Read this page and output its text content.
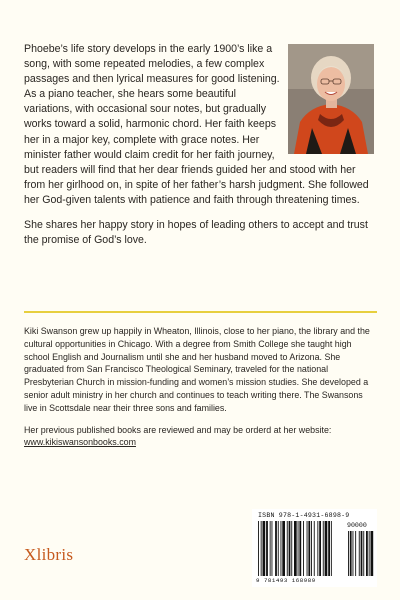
Phoebe’s life story develops in the early 1900’s like a song, with some repeated melodies, a few complex passages and then lyrical measures for good listening. As a piano teacher, she hears some beautiful variations, with occasional sour notes, but gradually works toward a solid, harmonic chord. Her faith keeps her in a major key, complete with grace notes. Her minister father would claim credit for her faith journey, but readers will find that her dear friends guided her and stood with her from her girlhood on, in spite of her father’s harsh judgment. She followed her God-given talents with patience and faith through threatening times.

She shares her happy story in hopes of leading others to accept and trust the promise of God’s love.

Kiki Swanson grew up happily in Wheaton, Illinois, close to her piano, the library and the cultural opportunities in Chicago. With a degree from Smith College she taught high school English and Journalism until she and her husband moved to Arizona. She graduated from San Francisco Theological Seminary, traveled for the national Presbyterian Church in mission-funding and women’s mission studies. She developed a senior adult ministry in her church and continues to teach writing there. The Swansons live in Scottsdale near their three sons and families.

Her previous published books are reviewed and may be orderd at her website: www.kikiswansonbooks.com

Xlibris
ISBN 978-1-4931-6898-9
90000
9 781493 168989
